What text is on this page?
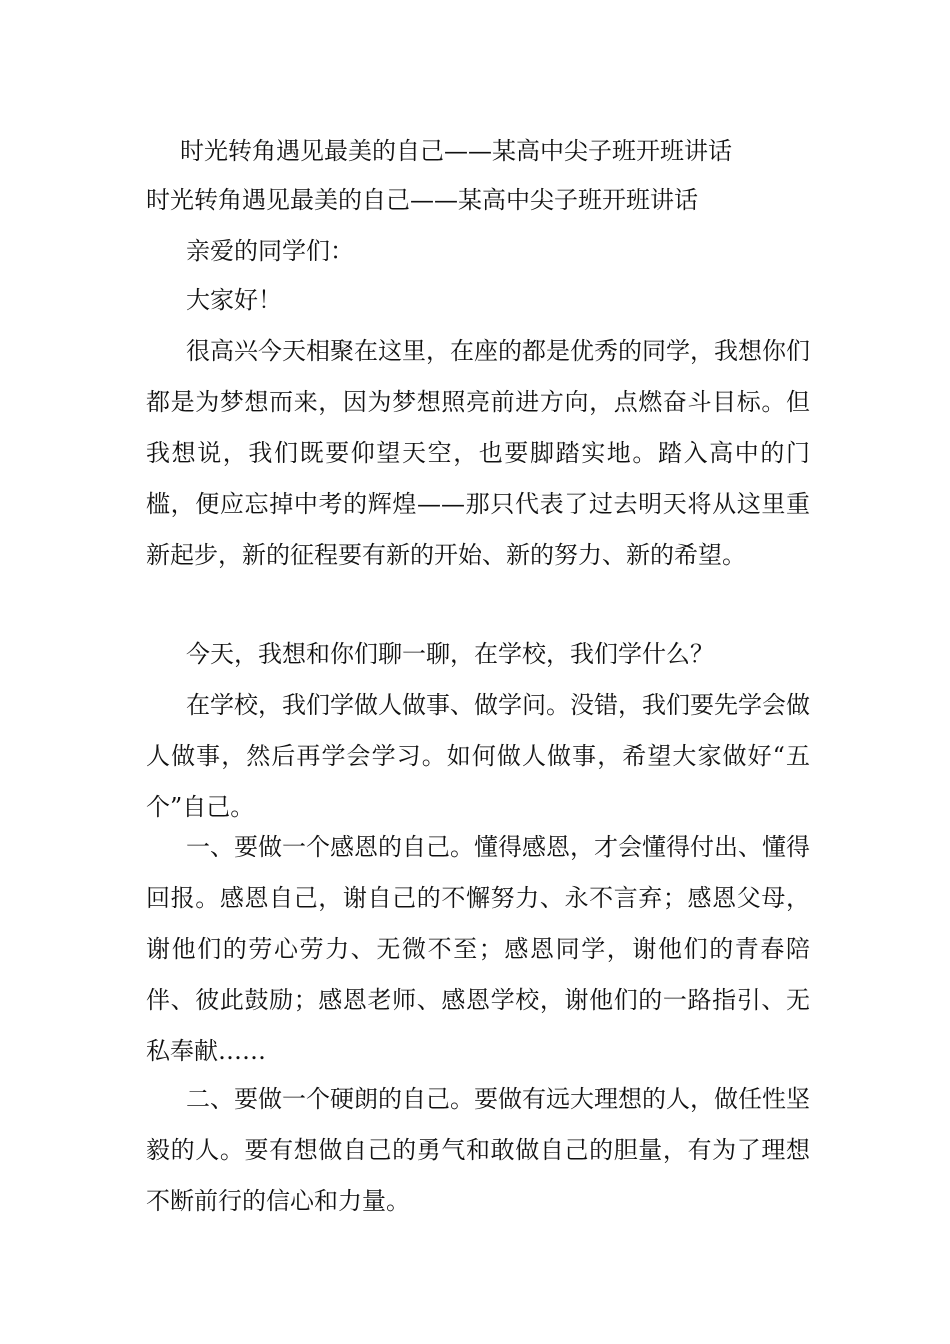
时光转角遇见最美的自己——某高中尖子班开班讲话
时光转角遇见最美的自己——某高中尖子班开班讲话

亲爱的同学们：

大家好！

很高兴今天相聚在这里，在座的都是优秀的同学，我想你们都是为梦想而来，因为梦想照亮前进方向，点燃奋斗目标。但我想说，我们既要仰望天空，也要脚踏实地。踏入高中的门槛，便应忘掉中考的辉煌——那只代表了过去明天将从这里重新起步，新的征程要有新的开始、新的努力、新的希望。

今天，我想和你们聊一聊，在学校，我们学什么？

在学校，我们学做人做事、做学问。没错，我们要先学会做人做事，然后再学会学习。如何做人做事，希望大家做好“五个”自己。

一、要做一个感恩的自己。懂得感恩，才会懂得付出、懂得回报。感恩自己，谢自己的不懈努力、永不言弃；感恩父母，谢他们的劳心劳力、无微不至；感恩同学，谢他们的青春陪伴、彼此鼓励；感恩老师、感恩学校，谢他们的一路指引、无私奉献……

二、要做一个硬朗的自己。要做有远大理想的人，做任性坚毅的人。要有想做自己的勇气和敢做自己的胆量，有为了理想不断前行的信心和力量。
